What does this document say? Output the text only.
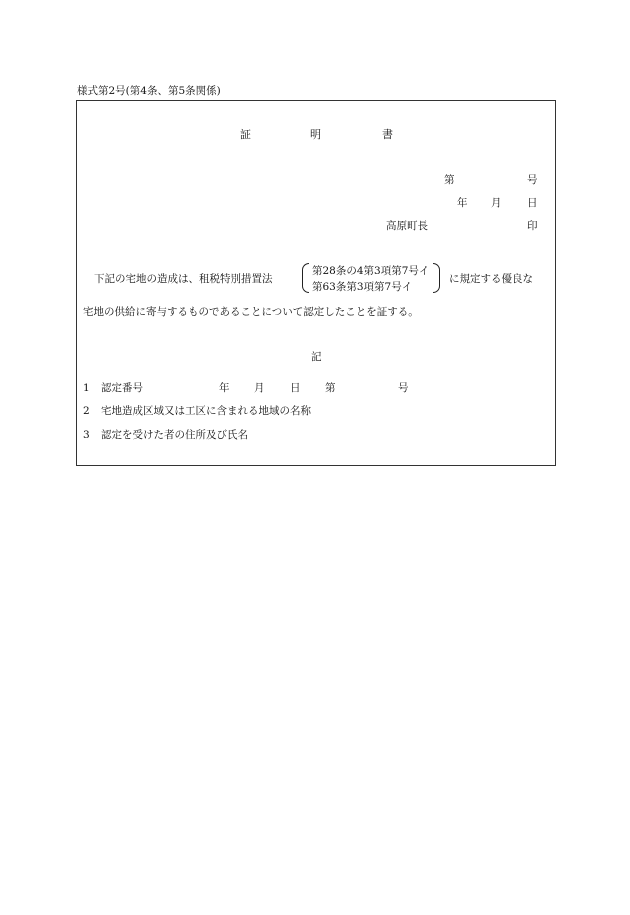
様式第2号(第4条、第5条関係)
証	明	書
第	号
年 月 日
高原町長	印
下記の宅地の造成は、租税特別措置法
第28条の4第3項第7号イ
第63条第3項第7号イ
に規定する優良な
宅地の供給に寄与するものであることについて認定したことを証する。
記
1 認定番号	年 月 日 第	号
2 宅地造成区域又は工区に含まれる地域の名称
3 認定を受けた者の住所及び氏名
